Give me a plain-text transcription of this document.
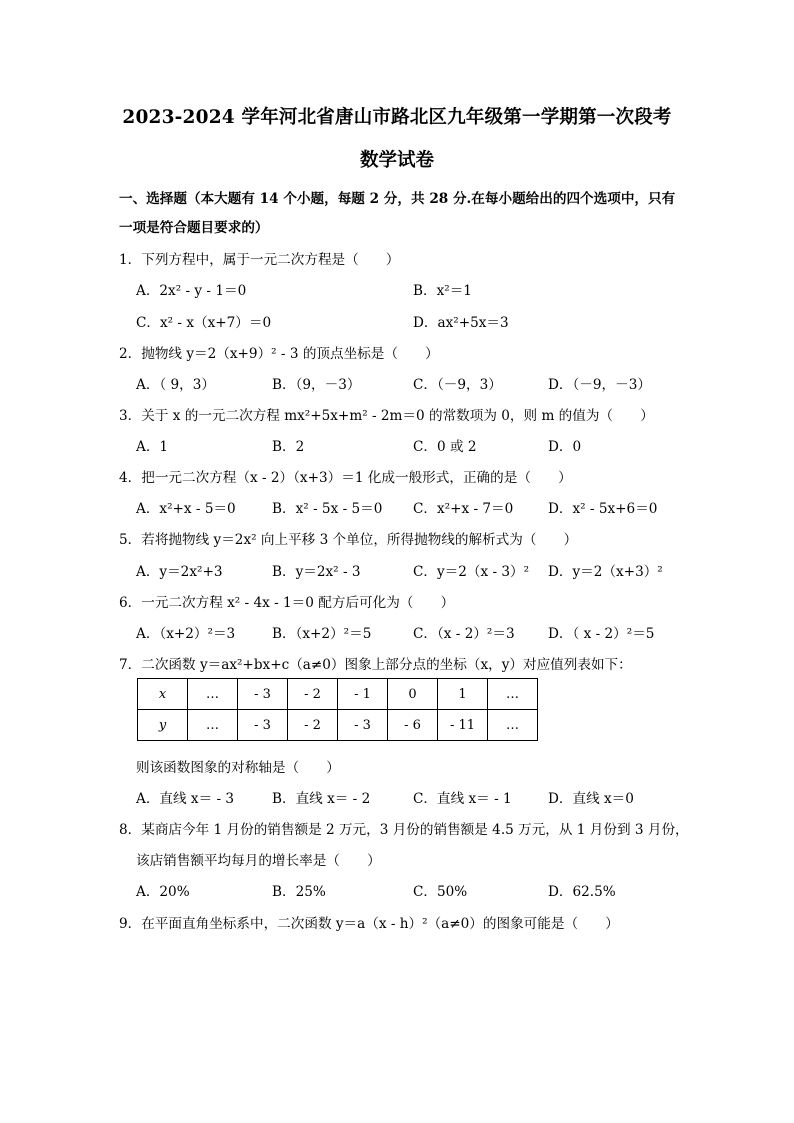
2023-2024 学年河北省唐山市路北区九年级第一学期第一次段考
数学试卷
一、选择题（本大题有 14 个小题，每题 2 分，共 28 分.在每小题给出的四个选项中，只有
一项是符合题目要求的）
1．下列方程中，属于一元二次方程是（　　）
A．2x² - y - 1＝0	B．x²＝1
C．x² - x（x+7）＝0	D．ax²+5x＝3
2．抛物线 y＝2（x+9）² - 3 的顶点坐标是（　　）
A．（ 9，3）	B．（9，－3）	C．（－9，3）	D．（－9，－3）
3．关于 x 的一元二次方程 mx²+5x+m² - 2m＝0 的常数项为 0，则 m 的值为（　　）
A．1	B．2	C．0 或 2	D．0
4．把一元二次方程（x - 2）（x+3）＝1 化成一般形式，正确的是（　　）
A．x²+x - 5＝0	B．x² - 5x - 5＝0 C．x²+x - 7＝0	D．x² - 5x+6＝0
5．若将抛物线 y＝2x² 向上平移 3 个单位，所得抛物线的解析式为（　　）
A．y＝2x²+3	B．y＝2x² - 3	C．y＝2（x - 3）² D．y＝2（x+3）²
6．一元二次方程 x² - 4x - 1＝0 配方后可化为（　　）
A．（x+2）²＝3	B．（x+2）²＝5	C．（x - 2）²＝3 D．（ x - 2）²＝5
7．二次函数 y＝ax²+bx+c（a≠0）图象上部分点的坐标（x，y）对应值列表如下：
x	…	- 3	- 2	- 1	0	1	…
y	…	- 3	- 2	- 3	- 6	- 11	…
则该函数图象的对称轴是（　　）
A．直线 x＝ - 3	B．直线 x＝ - 2	C．直线 x＝ - 1	D．直线 x＝0
8．某商店今年 1 月份的销售额是 2 万元，3 月份的销售额是 4.5 万元，从 1 月份到 3 月份，
该店销售额平均每月的增长率是（　　）
A．20%	B．25%	C．50%	D．62.5%
9．在平面直角坐标系中，二次函数 y＝a（x - h）²（a≠0）的图象可能是（　　）
